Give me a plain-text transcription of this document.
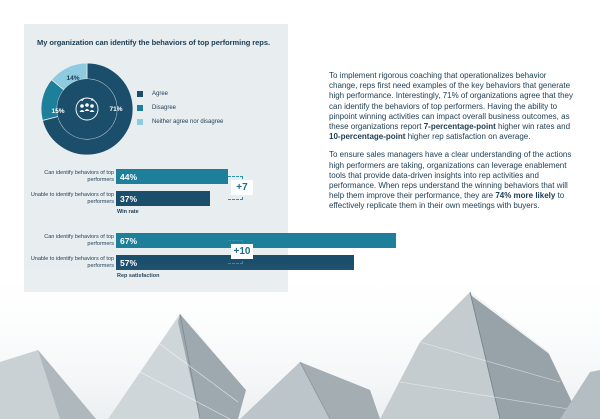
My organization can identify the behaviors of top performing reps.
71%
15%
14%
Agree
Disagree
Neither agree nor disagree
Can identify behaviors of top performers 44%
Unable to identify behaviors of top performers 37%
+7
Win rate
Can identify behaviors of top performers 67%
Unable to identify behaviors of top
+10

To implement rigorous coaching that operationalizes behavior change, reps first need examples of the key behaviors that generate high performance. Interestingly, 71% of organizations agree that they can identify the behaviors of top performers. Having the ability to pinpoint winning activities can impact overall business outcomes, as these organizations report 7-percentage-point higher win rates and 10-percentage-point higher rep satisfaction on average.

To ensure sales managers have a clear understanding of the actions high performers are taking, organizations can leverage enablement tools that provide data-driven insights into rep activities and performance. When reps understand the winning behaviors that will help them improve their performance, they are 74% more likely to effectively replicate them in their own meetings with buyers.
